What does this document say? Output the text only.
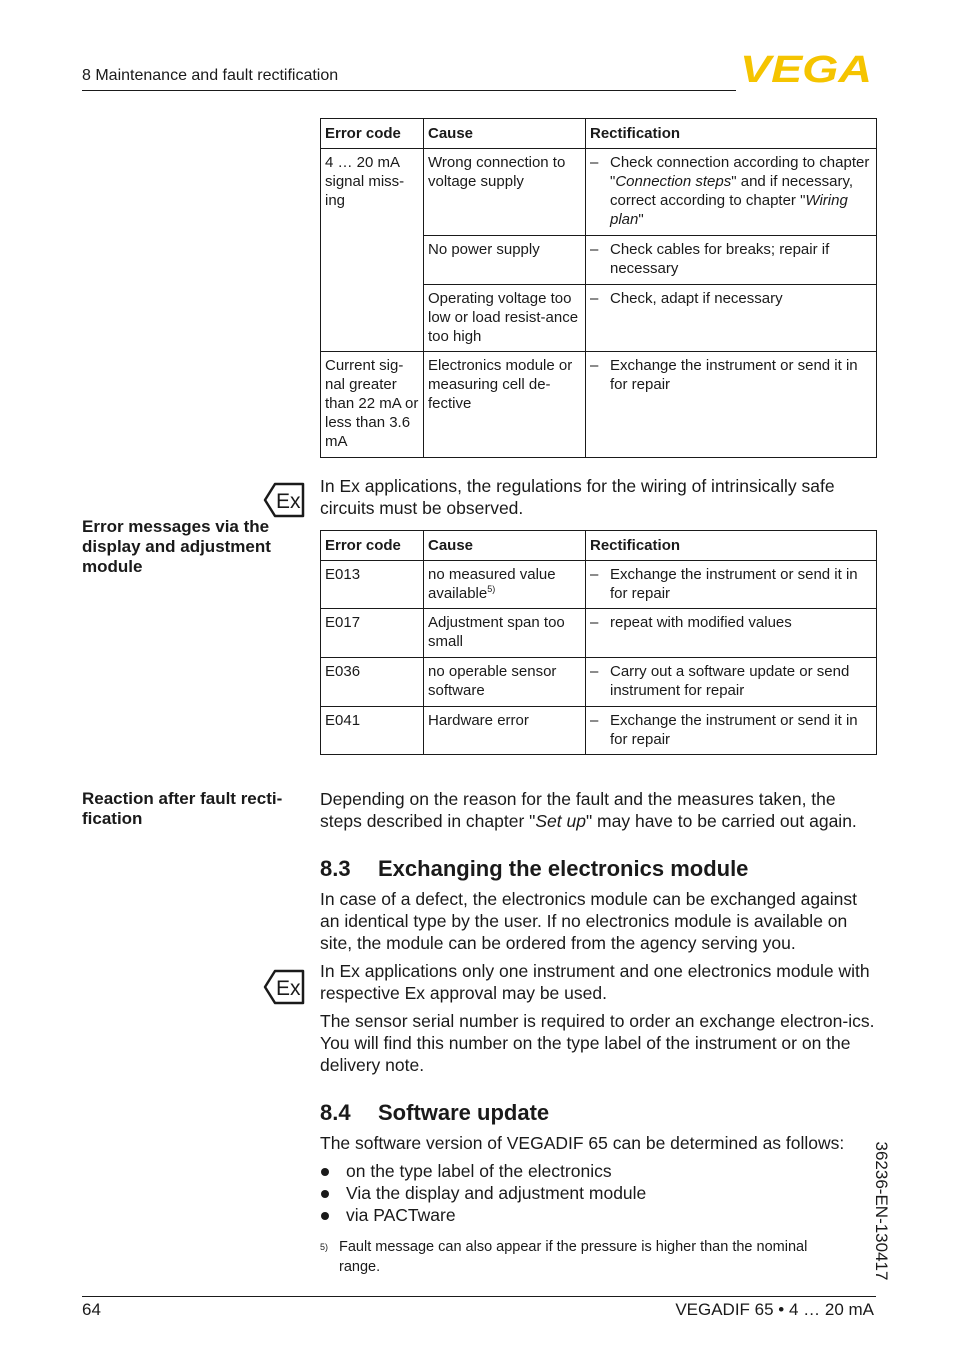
8 Maintenance and fault rectification	VEGA
Error code	Cause	Rectification
4 … 20 mA signal miss-ing	Wrong connection to voltage supply	– Check connection according to chapter "Connection steps" and if necessary, correct according to chapter "Wiring plan"

	No power supply	– Check cables for breaks; repair if necessary

	Operating voltage too low or load resist-ance too high	– Check, adapt if necessary

Current sig-nal greater than 22 mA or less than 3.6 mA	Electronics module or measuring cell de-fective	– Exchange the instrument or send it in for repair
Ex
In Ex applications, the regulations for the wiring of intrinsically safe circuits must be observed.
Error messages via the display and adjustment module
Error code	Cause	Rectification
E013	no measured value available$^{5)}$	– Exchange the instrument or send it in for repair

E017	Adjustment span too small	– repeat with modified values

E036	no operable sensor software	– Carry out a software update or send instrument for repair

E041	Hardware error	– Exchange the instrument or send it in for repair
Reaction after fault recti-fication
Depending on the reason for the fault and the measures taken, the steps described in chapter "Set up" may have to be carried out again.
8.3 Exchanging the electronics module
In case of a defect, the electronics module can be exchanged against an identical type by the user. If no electronics module is available on site, the module can be ordered from the agency serving you.
Ex
In Ex applications only one instrument and one electronics module with respective Ex approval may be used.
The sensor serial number is required to order an exchange electron-ics. You will find this number on the type label of the instrument or on the delivery note.
8.4 Software update
The software version of VEGADIF 65 can be determined as follows:
on the type label of the electronics
Via the display and adjustment module
via PACTware
5) Fault message can also appear if the pressure is higher than the nominal range.	36236-EN-130417
64	VEGADIF 65 • 4 … 20 mA
